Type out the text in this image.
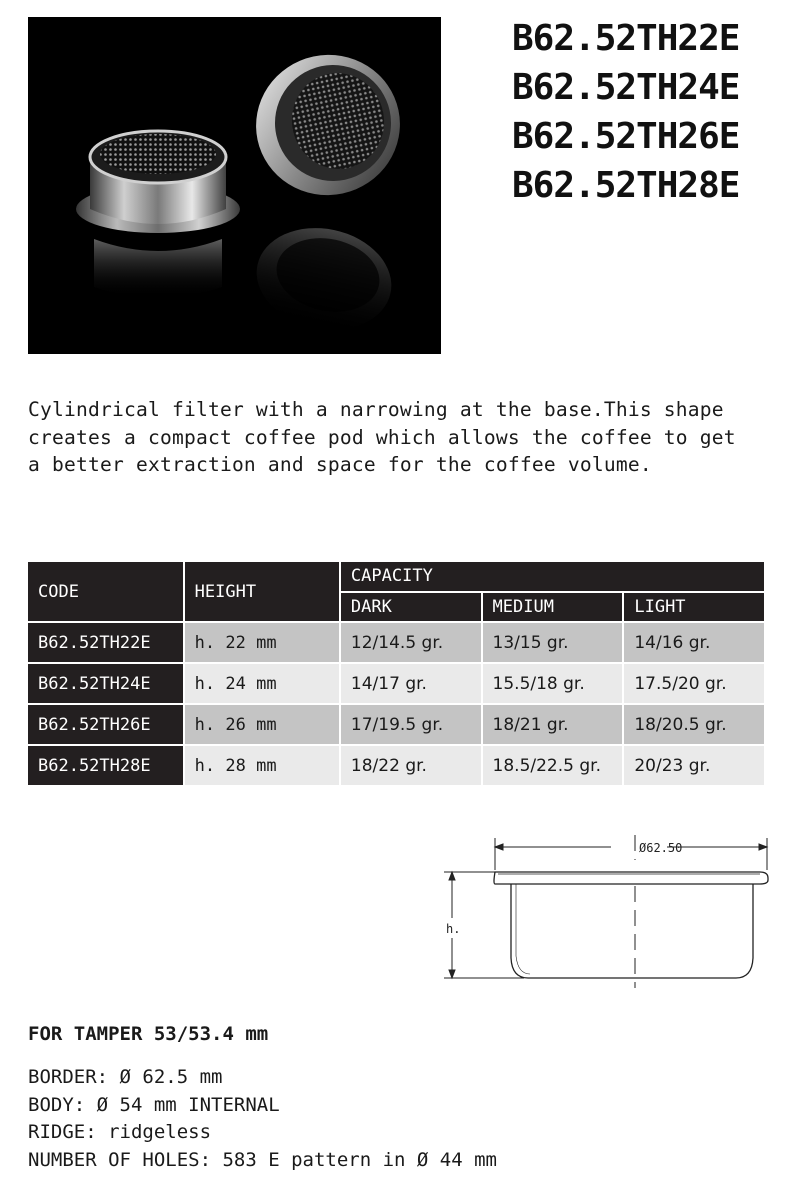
B62.52TH22E
B62.52TH24E
B62.52TH26E
B62.52TH28E
Cylindrical filter with a narrowing at the base.This shape
creates a compact coffee pod which allows the coffee to get
a better extraction and space for the coffee volume.
CODE	HEIGHT	CAPACITY		
		DARK	MEDIUM	LIGHT
B62.52TH22E	h. 22 mm	12/14.5 gr.	13/15 gr.	14/16 gr.
B62.52TH24E	h. 24 mm	14/17 gr.	15.5/18 gr.	17.5/20 gr.
B62.52TH26E	h. 26 mm	17/19.5 gr.	18/21 gr.	18/20.5 gr.
B62.52TH28E	h. 28 mm	18/22 gr.	18.5/22.5 gr.	20/23 gr.
Ø62.50
h.
FOR TAMPER 53/53.4 mm
BORDER: Ø 62.5 mm
BODY: Ø 54 mm INTERNAL
RIDGE: ridgeless
NUMBER OF HOLES: 583 E pattern in Ø 44 mm
